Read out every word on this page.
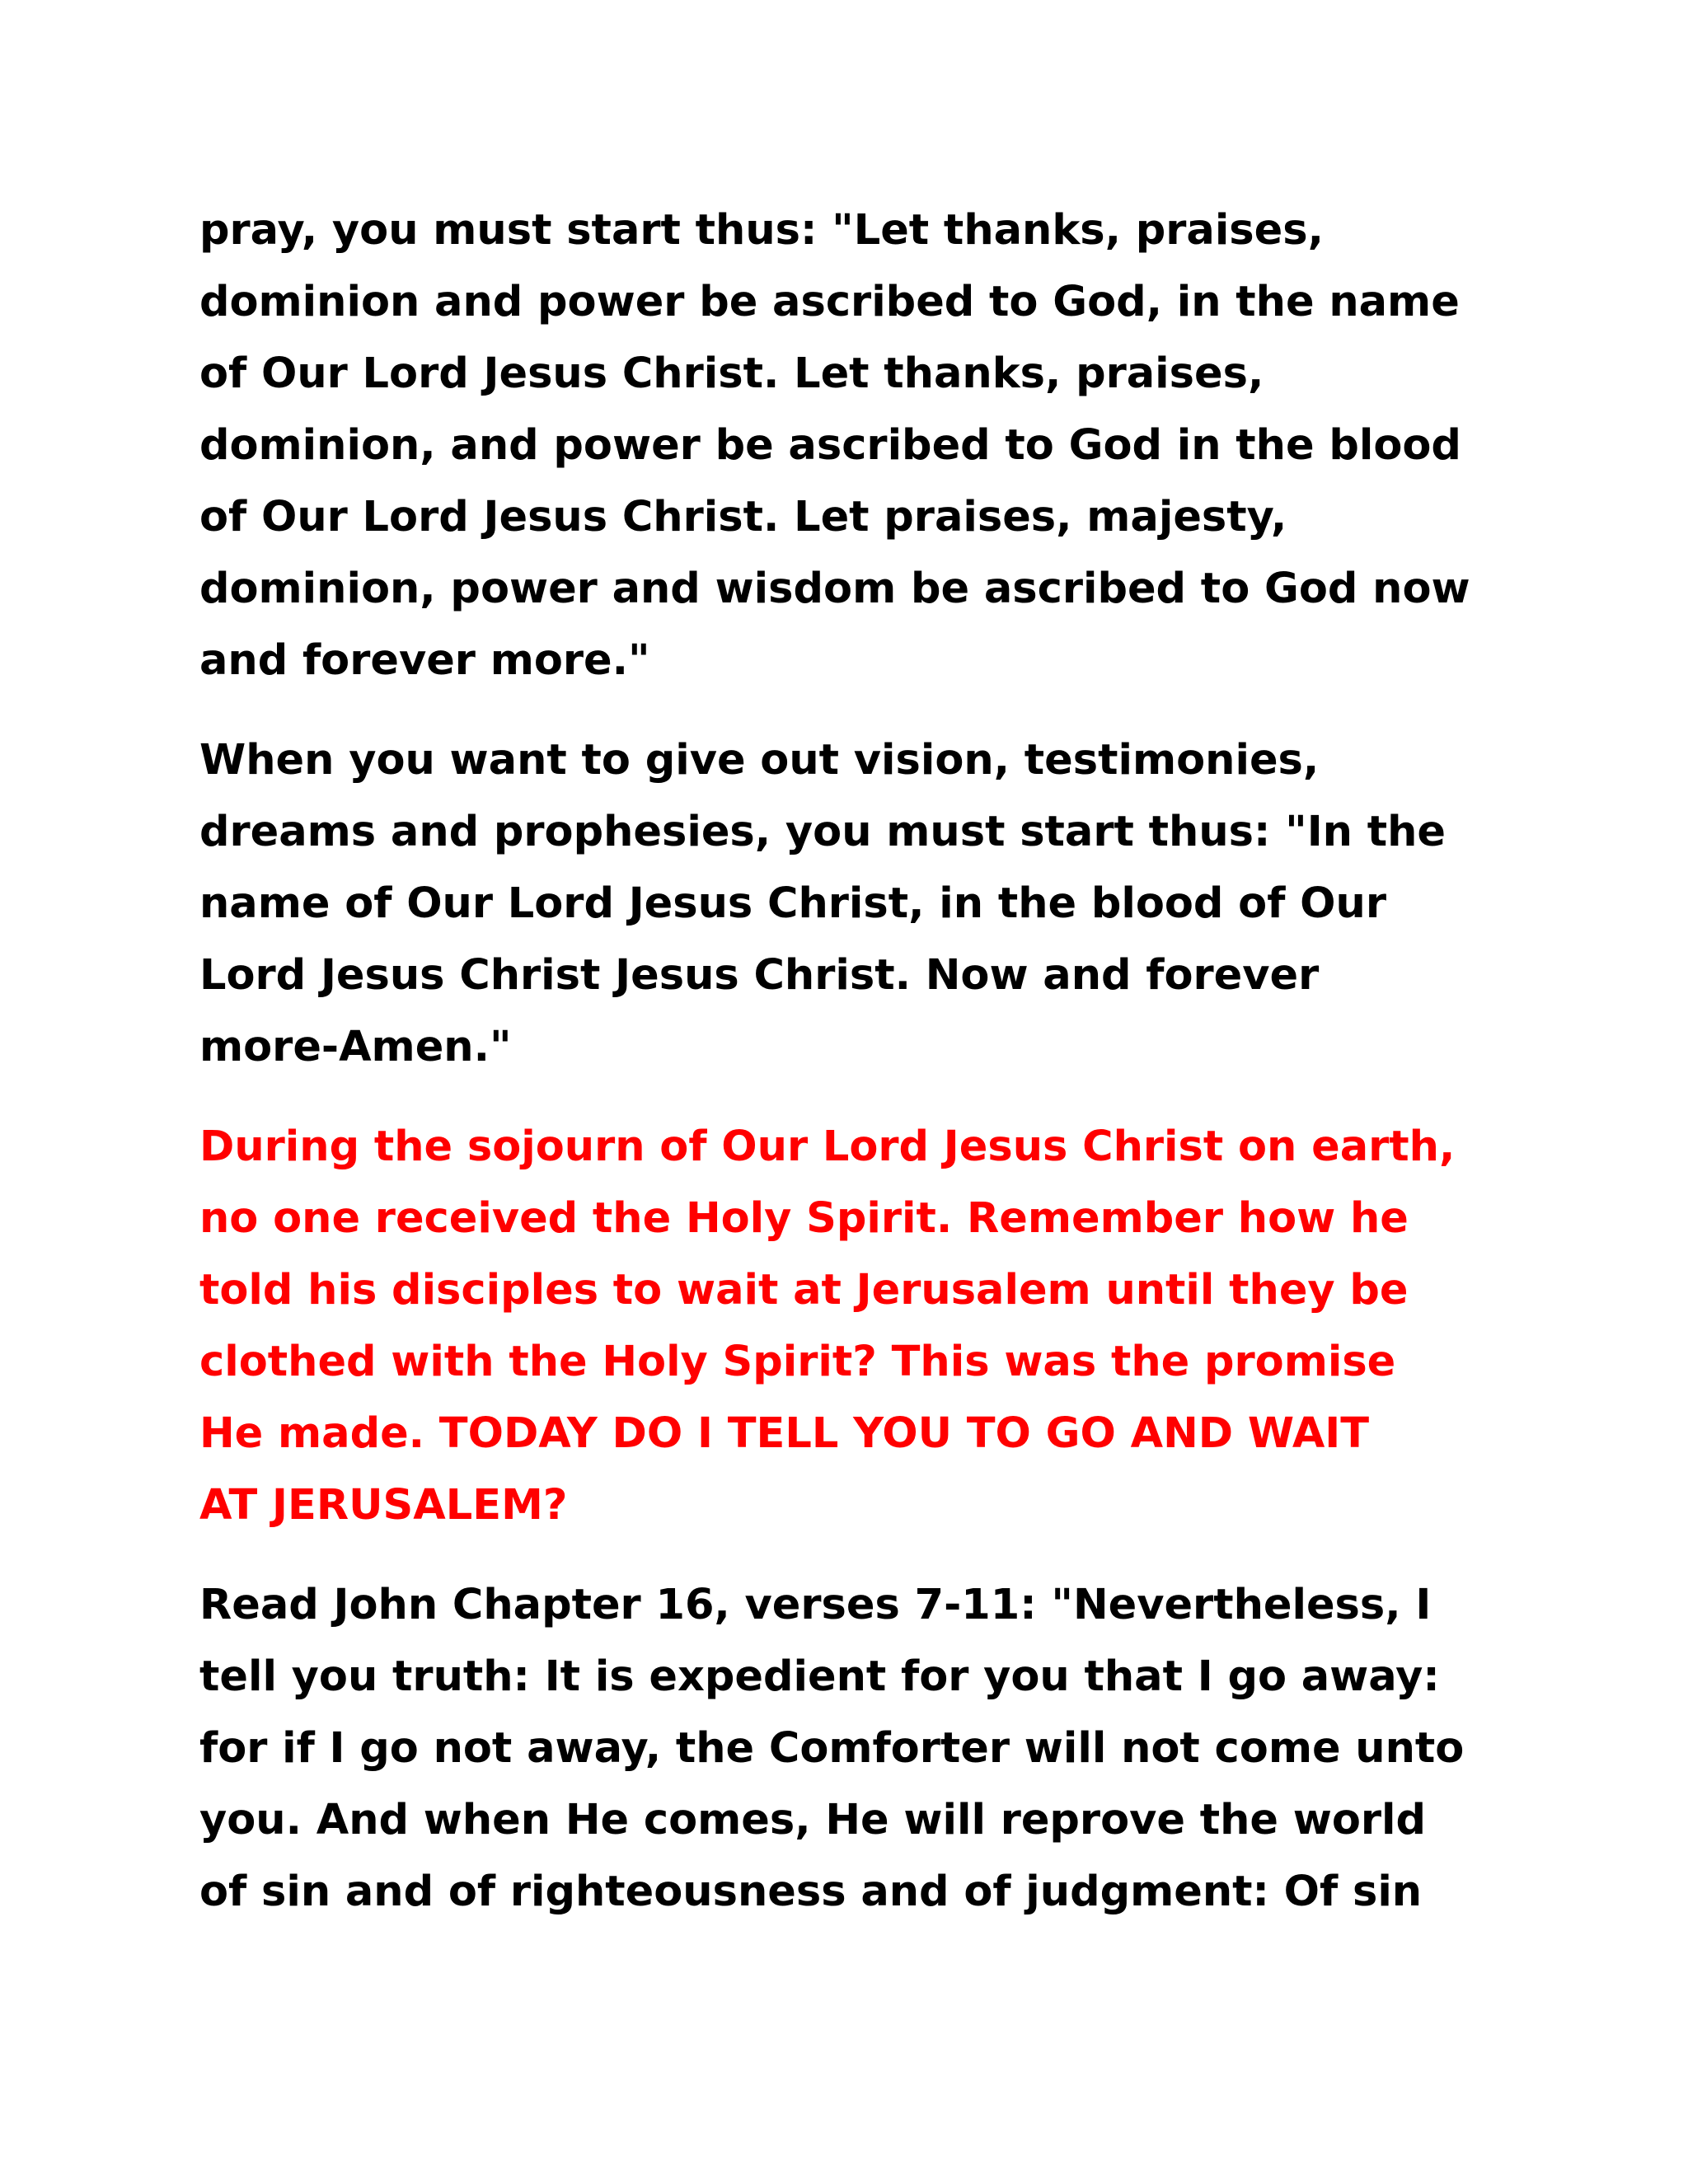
pray, you must start thus: "Let thanks, praises,
dominion and power be ascribed to God, in the name
of Our Lord Jesus Christ. Let thanks, praises,
dominion, and power be ascribed to God in the blood
of Our Lord Jesus Christ. Let praises, majesty,
dominion, power and wisdom be ascribed to God now
and forever more."

When you want to give out vision, testimonies,
dreams and prophesies, you must start thus: "In the
name of Our Lord Jesus Christ, in the blood of Our
Lord Jesus Christ Jesus Christ. Now and forever
more-Amen."

During the sojourn of Our Lord Jesus Christ on earth,
no one received the Holy Spirit. Remember how he
told his disciples to wait at Jerusalem until they be
clothed with the Holy Spirit? This was the promise
He made. TODAY DO I TELL YOU TO GO AND WAIT
AT JERUSALEM?

Read John Chapter 16, verses 7-11: "Nevertheless, I
tell you truth: It is expedient for you that I go away:
for if I go not away, the Comforter will not come unto
you. And when He comes, He will reprove the world
of sin and of righteousness and of judgment: Of sin
